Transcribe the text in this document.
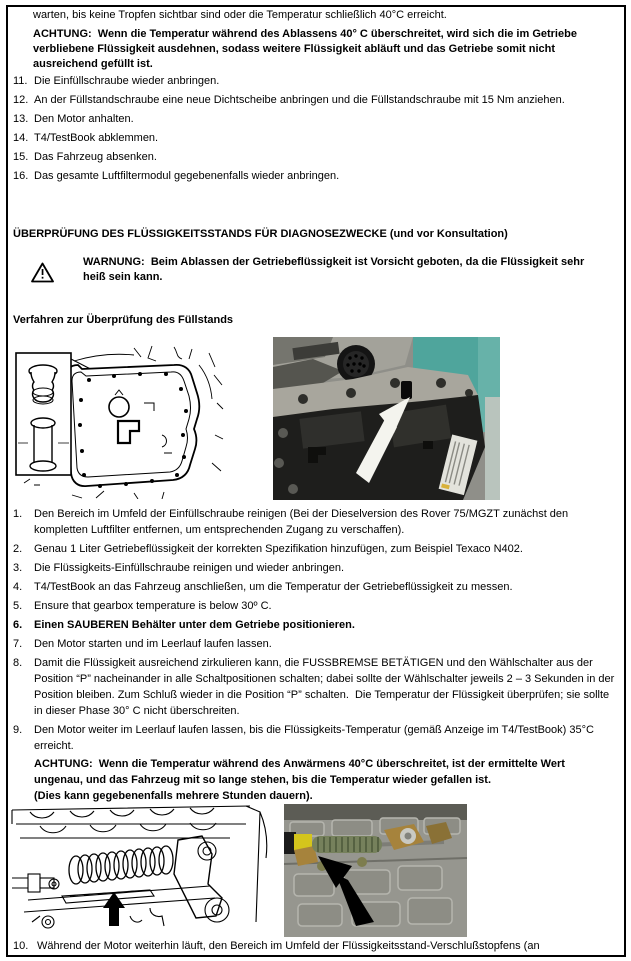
warten, bis keine Tropfen sichtbar sind oder die Temperatur schließlich 40°C erreicht.

ACHTUNG:  Wenn die Temperatur während des Ablassens 40° C überschreitet, wird sich die im Getriebe verbliebene Flüssigkeit ausdehnen, sodass weitere Flüssigkeit abläuft und das Getriebe somit nicht ausreichend gefüllt ist.

11. Die Einfüllschraube wieder anbringen.
12. An der Füllstandschraube eine neue Dichtscheibe anbringen und die Füllstandschraube mit 15 Nm anziehen.
13. Den Motor anhalten.
14. T4/TestBook abklemmen.
15. Das Fahrzeug absenken.
16. Das gesamte Luftfiltermodul gegebenenfalls wieder anbringen.
ÜBERPRÜFUNG DES FLÜSSIGKEITSSTANDS FÜR DIAGNOSEZWECKE (und vor Konsultation)
WARNUNG:  Beim Ablassen der Getriebeflüssigkeit ist Vorsicht geboten, da die Flüssigkeit sehr heiß sein kann.
Verfahren zur Überprüfung des Füllstands
1.	Den Bereich im Umfeld der Einfüllschraube reinigen (Bei der Dieselversion des Rover 75/MGZT zunächst den kompletten Luftfilter entfernen, um entsprechenden Zugang zu verschaffen).
2.	Genau 1 Liter Getriebeflüssigkeit der korrekten Spezifikation hinzufügen, zum Beispiel Texaco N402.
3.	Die Flüssigkeits-Einfüllschraube reinigen und wieder anbringen.
4.	T4/TestBook an das Fahrzeug anschließen, um die Temperatur der Getriebeflüssigkeit zu messen.
5.	Ensure that gearbox temperature is below 30º C.
6.	Einen SAUBEREN Behälter unter dem Getriebe positionieren.
7.	Den Motor starten und im Leerlauf laufen lassen.
8.	Damit die Flüssigkeit ausreichend zirkulieren kann, die FUSSBREMSE BETÄTIGEN und den Wählschalter aus der Position “P” nacheinander in alle Schaltpositionen schalten; dabei sollte der Wählschalter jeweils 2 – 3 Sekunden in der Position bleiben. Zum Schluß wieder in die Position “P” schalten.  Die Temperatur der Flüssigkeit überprüfen; sie sollte in dieser Phase 30° C nicht überschreiten.
9.	Den Motor weiter im Leerlauf laufen lassen, bis die Flüssigkeits-Temperatur (gemäß Anzeige im T4/TestBook) 35°C erreicht.

ACHTUNG:  Wenn die Temperatur während des Anwärmens 40°C überschreitet, ist der ermittelte Wert ungenau, und das Fahrzeug mit so lange stehen, bis die Temperatur wieder gefallen ist.

(Dies kann gegebenenfalls mehrere Stunden dauern).

10. Während der Motor weiterhin läuft, den Bereich im Umfeld der Flüssigkeitsstand-Verschlußstopfens (an
